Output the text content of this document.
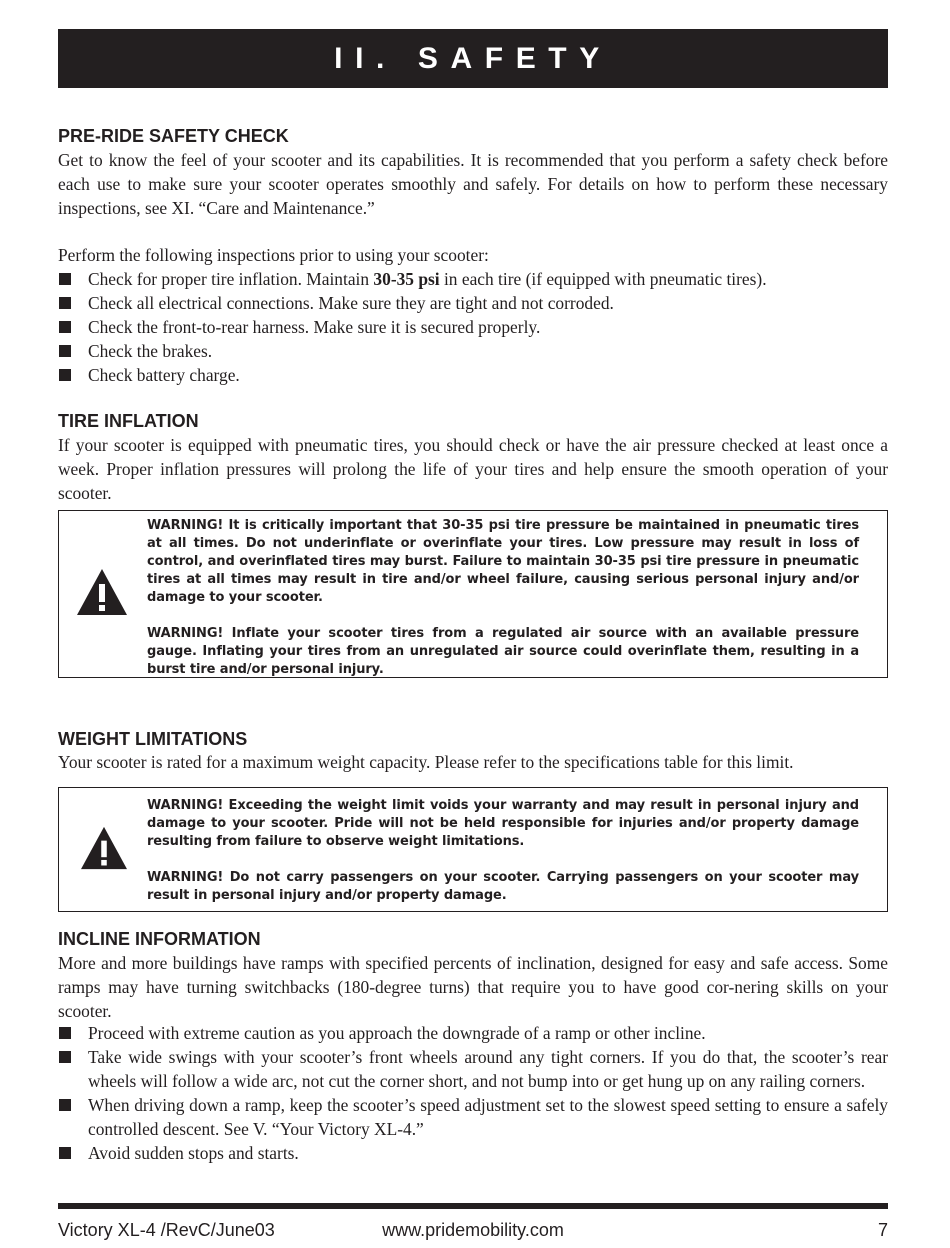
II. SAFETY
PRE-RIDE SAFETY CHECK

Get to know the feel of your scooter and its capabilities. It is recommended that you perform a safety check before each use to make sure your scooter operates smoothly and safely. For details on how to perform these necessary inspections, see XI. “Care and Maintenance.”

Perform the following inspections prior to using your scooter:

Check for proper tire inflation. Maintain 30-35 psi in each tire (if equipped with pneumatic tires).
Check all electrical connections. Make sure they are tight and not corroded.
Check the front-to-rear harness. Make sure it is secured properly.
Check the brakes.
Check battery charge.
TIRE INFLATION

If your scooter is equipped with pneumatic tires, you should check or have the air pressure checked at least once a week. Proper inflation pressures will prolong the life of your tires and help ensure the smooth operation of your scooter.

WARNING! It is critically important that 30-35 psi tire pressure be maintained in pneumatic tires at all times. Do not underinflate or overinflate your tires. Low pressure may result in loss of control, and overinflated tires may burst. Failure to maintain 30-35 psi tire pressure in pneumatic tires at all times may result in tire and/or wheel failure, causing serious personal injury and/or damage to your scooter.

WARNING! Inflate your scooter tires from a regulated air source with an available pressure gauge. Inflating your tires from an unregulated air source could overinflate them, resulting in a burst tire and/or personal injury.

WEIGHT LIMITATIONS

Your scooter is rated for a maximum weight capacity. Please refer to the specifications table for this limit.

WARNING! Exceeding the weight limit voids your warranty and may result in personal injury and damage to your scooter. Pride will not be held responsible for injuries and/or property damage resulting from failure to observe weight limitations.

WARNING! Do not carry passengers on your scooter. Carrying passengers on your scooter may result in personal injury and/or property damage.

INCLINE INFORMATION

More and more buildings have ramps with specified percents of inclination, designed for easy and safe access. Some ramps may have turning switchbacks (180-degree turns) that require you to have good cor-nering skills on your scooter.

Proceed with extreme caution as you approach the downgrade of a ramp or other incline.
Take wide swings with your scooter’s front wheels around any tight corners. If you do that, the scooter’s rear wheels will follow a wide arc, not cut the corner short, and not bump into or get hung up on any railing corners.
When driving down a ramp, keep the scooter’s speed adjustment set to the slowest speed setting to ensure a safely controlled descent. See V. “Your Victory XL-4.”
Avoid sudden stops and starts.
Victory XL-4 /RevC/June03	www.pridemobility.com	7
